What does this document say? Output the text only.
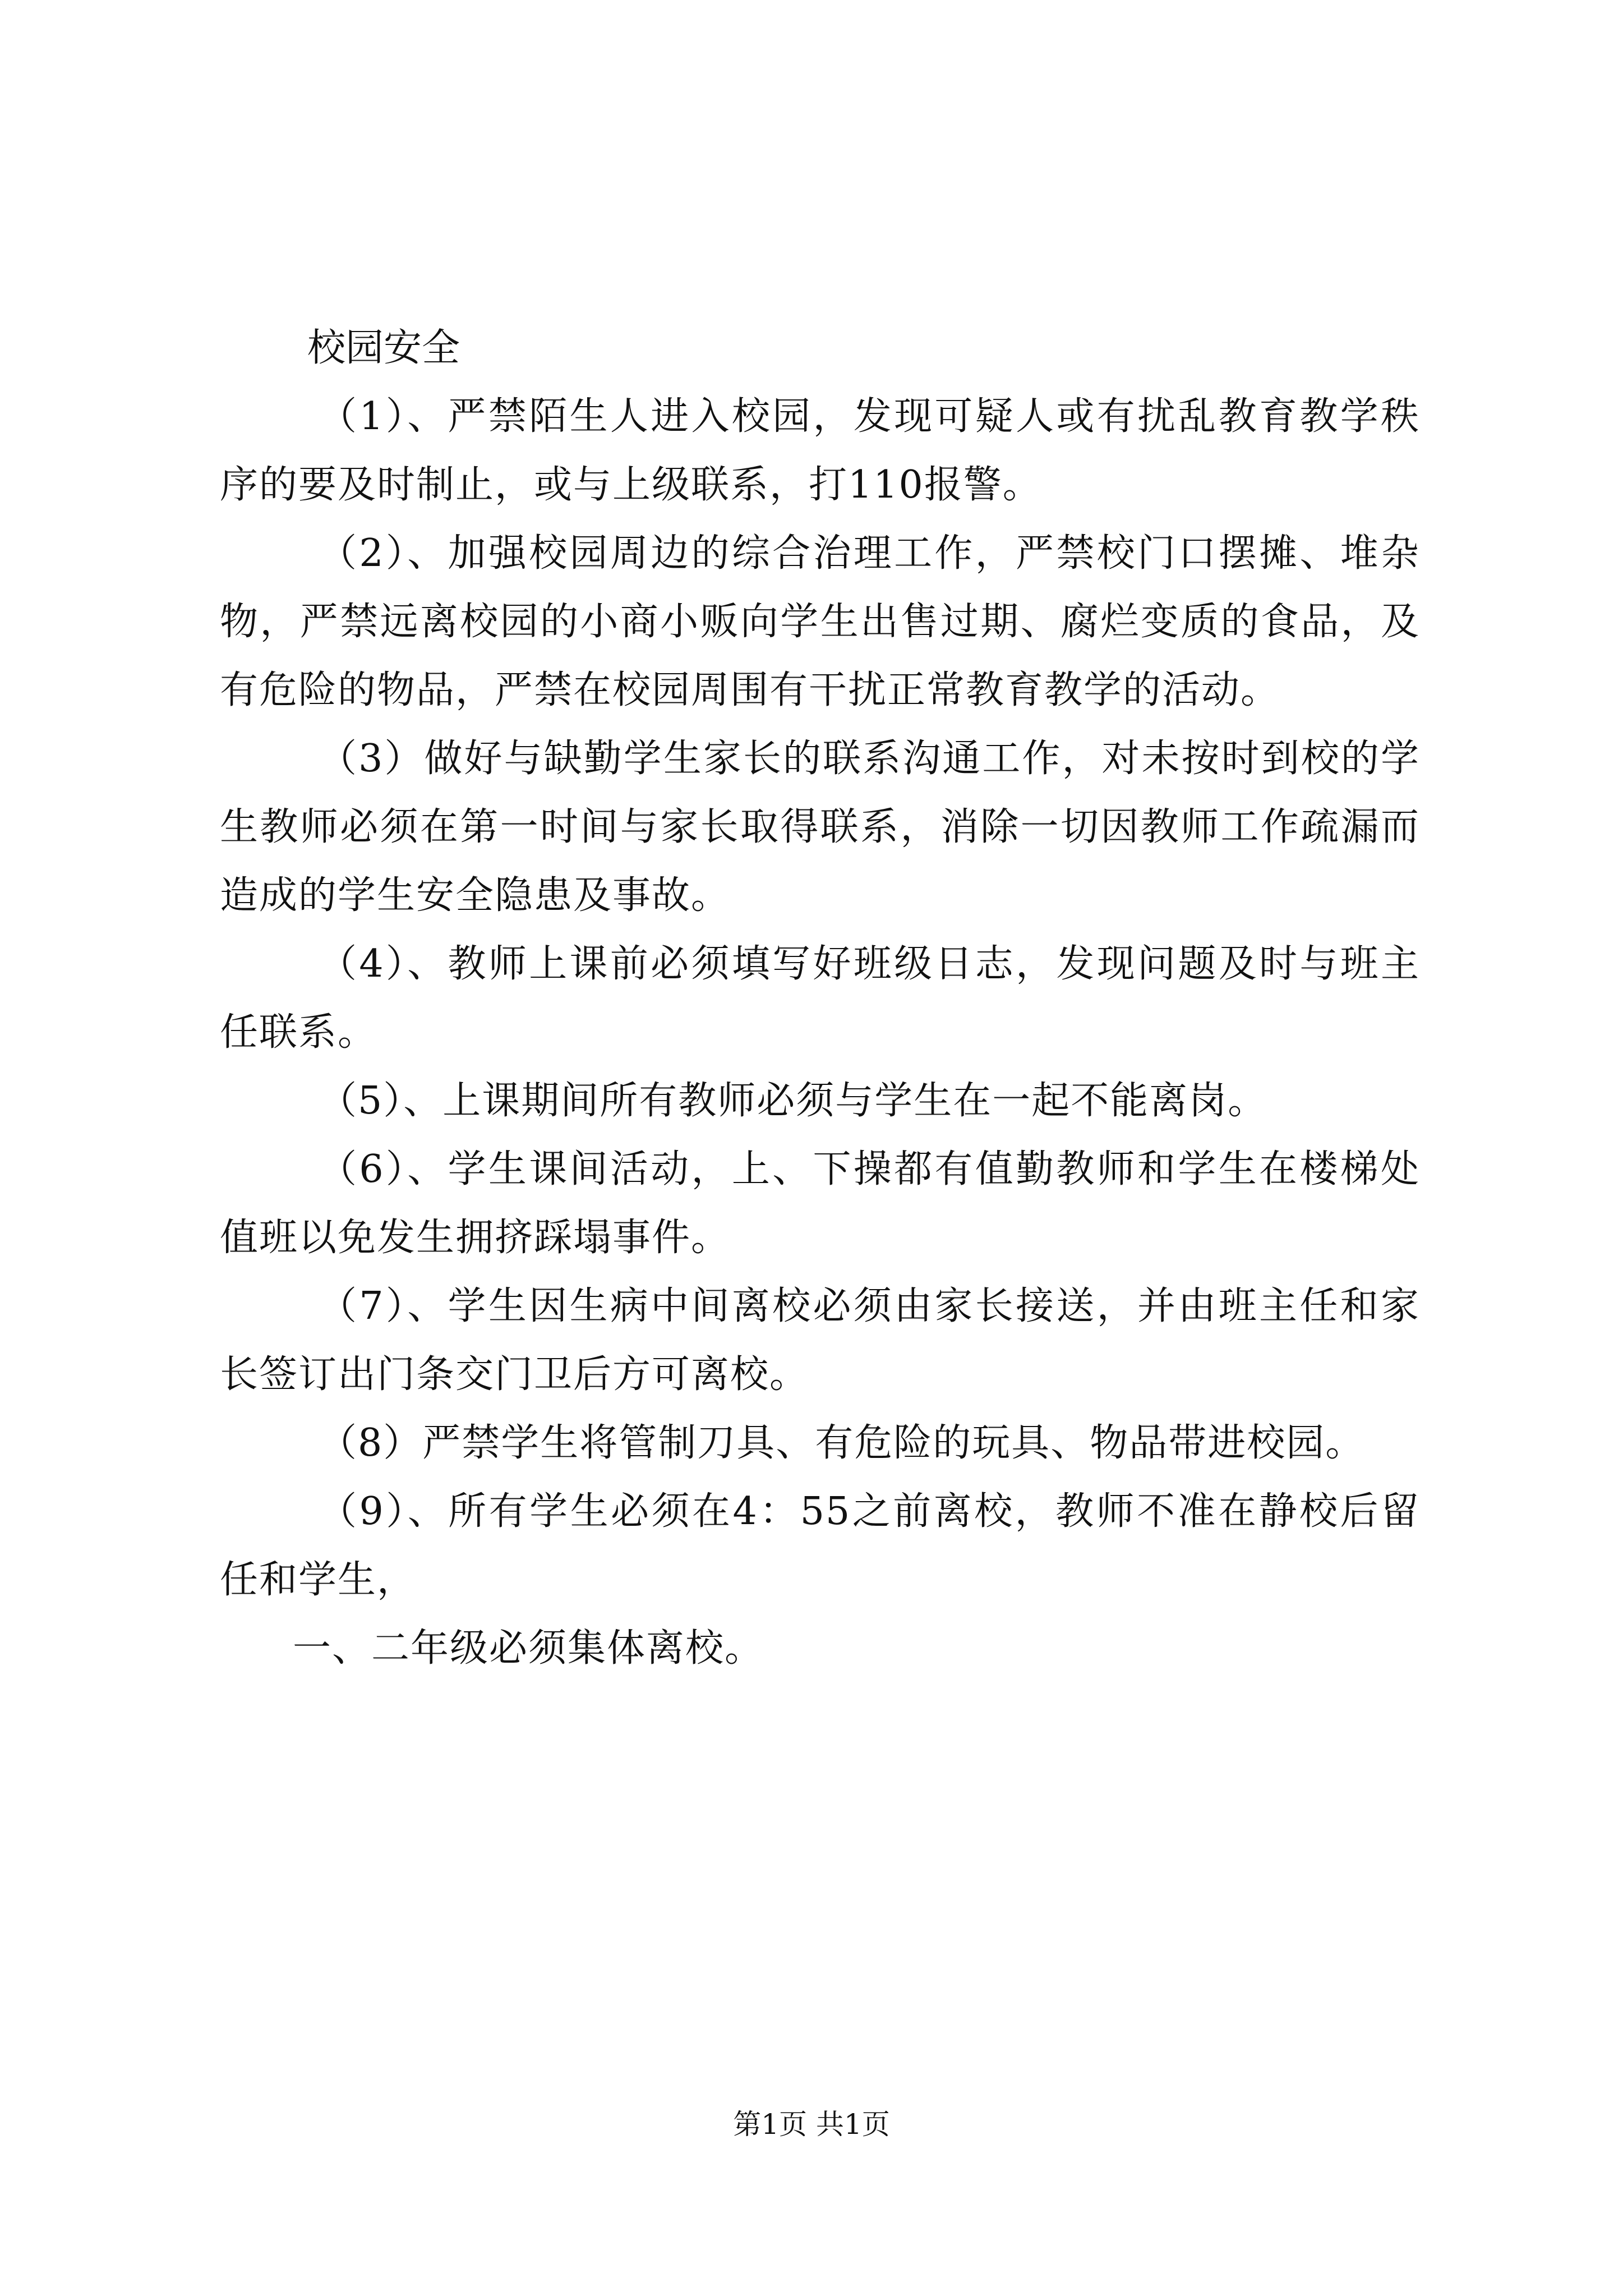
校园安全

（1）、严禁陌生人进入校园，发现可疑人或有扰乱教育教学秩序的要及时制止，或与上级联系，打110报警。

（2）、加强校园周边的综合治理工作，严禁校门口摆摊、堆杂物，严禁远离校园的小商小贩向学生出售过期、腐烂变质的食品，及有危险的物品，严禁在校园周围有干扰正常教育教学的活动。

（3）做好与缺勤学生家长的联系沟通工作，对未按时到校的学生教师必须在第一时间与家长取得联系，消除一切因教师工作疏漏而造成的学生安全隐患及事故。

（4）、教师上课前必须填写好班级日志，发现问题及时与班主任联系。

（5）、上课期间所有教师必须与学生在一起不能离岗。

（6）、学生课间活动，上、下操都有值勤教师和学生在楼梯处值班以免发生拥挤踩塌事件。

（7）、学生因生病中间离校必须由家长接送，并由班主任和家长签订出门条交门卫后方可离校。

（8）严禁学生将管制刀具、有危险的玩具、物品带进校园。

（9）、所有学生必须在4：55之前离校，教师不准在静校后留任和学生，

一、二年级必须集体离校。

第1页 共1页
